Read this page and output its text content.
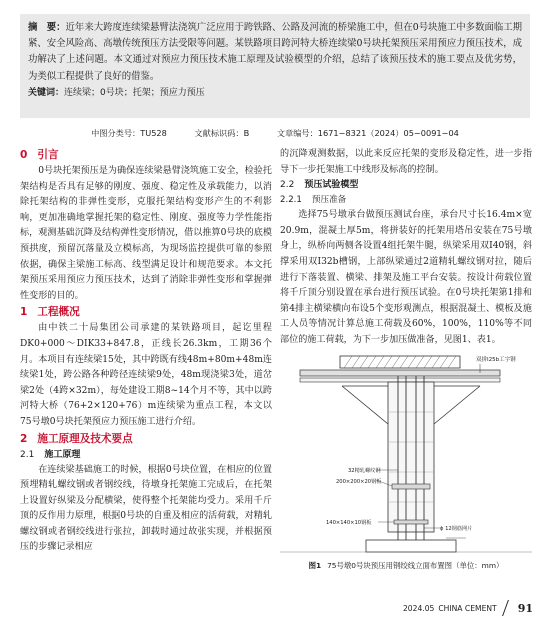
摘　要：近年来大跨度连续梁悬臂法浇筑广泛应用于跨铁路、公路及河流的桥梁施工中，但在0号块施工中多数面临工期紧、安全风险高、高墩传统预压方法受限等问题。某铁路项目跨河特大桥连续梁0号块托架预压采用预应力预压技术，成功解决了上述问题。本文通过对预应力预压技术施工原理及试验模型的介绍，总结了该预压技术的施工要点及优劣势，为类似工程提供了良好的借鉴。

关键词：连续梁；0号块；托架；预应力预压
中图分类号：TU528	文献标识码：B	文章编号：1671−8321（2024）05−0091−04
0 引言

0号块托架预压是为确保连续梁悬臂浇筑施工安全，检验托架结构是否具有足够的刚度、强度、稳定性及承载能力，以消除托架结构的非弹性变形，克服托架结构变形产生的不利影响，更加准确地掌握托架的稳定性、刚度、强度等力学性能指标，观测基础沉降及结构弹性变形情况，借以推算0号块的底模预拱度，预留沉落量及立模标高，为现场监控提供可靠的参照依据，确保主梁施工标高、线型满足设计和规范要求。本文托架预压采用预应力预压技术，达到了消除非弹性变形和掌握弹性变形的目的。

1 工程概况

由中铁二十局集团公司承建的某铁路项目，起讫里程DK0+000～DIK33+847.8，正线长26.3km，工期36个月。本项目有连续梁15处，其中跨既有线48m+80m+48m连续梁1处，跨公路各种跨径连续梁9处，48m现浇梁3处，道岔梁2处（4跨×32m），每处建设工期8~14个月不等，其中以跨河特大桥（76+2×120+76）m连续梁为重点工程，本文以75号墩0号块托架预应力预压施工进行介绍。

2 施工原理及技术要点
2.1 施工原理

在连续梁基础施工的时候，根据0号块位置，在相应的位置预埋精轧螺纹钢或者钢绞线，待墩身托架施工完成后，在托架上设置好纵梁及分配横梁，使得整个托架能均受力。采用千斤顶的反作用力原理，根据0号块的自重及相应的活荷载，对精轧螺纹钢或者钢绞线进行张拉，卸载时通过故张实现，并根据预压的步骤记录相应

的沉降观测数据，以此来反应托架的变形及稳定性，进一步指导下一步托架施工中线形及标高的控制。

2.2 预压试验模型
2.2.1 预压准备

选择75号墩承台做预压测试台座，承台尺寸长16.4m×宽20.9m，混凝土厚5m，将拼装好的托架用塔吊安装在75号墩身上，纵桥向两侧各设置4组托架牛腿，纵梁采用双I40钢，斜撑采用双I32b槽钢，上部纵梁通过2道精轧螺纹钢对拉，随后进行下落装置、横梁、排架及施工平台安装。按设计荷载位置将千斤顶分别设置在承台进行预压试验。在0号块托架第1排和第4排主横梁横向布设5个变形观测点，根据混凝土、模板及施工人员等情况计算总施工荷载及60%，100%，110%等不同部位的施工荷载，为下一步加压做准备，见图1、表1。

双拼I25b工字钢
32精轧螺纹钢
200×200×20钢板
140×140×10钢板
ϕ 12钢筋网片
图1 75号墩0号块预压用钢绞线立面布置图（单位：mm）
2024.05 CHINA CEMENT 91
